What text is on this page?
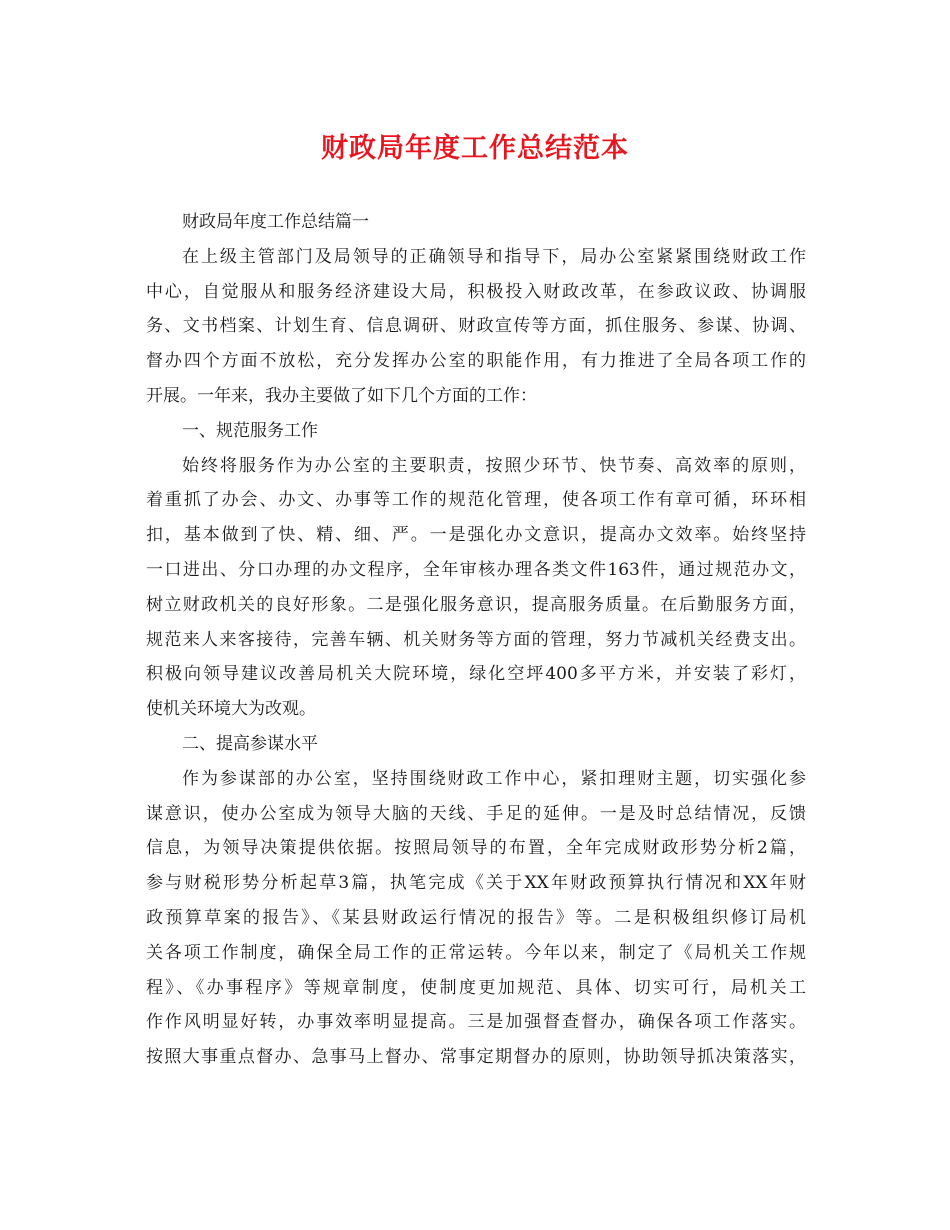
财政局年度工作总结范本
财政局年度工作总结篇一
在上级主管部门及局领导的正确领导和指导下，局办公室紧紧围绕财政工作
中心，自觉服从和服务经济建设大局，积极投入财政改革，在参政议政、协调服
务、文书档案、计划生育、信息调研、财政宣传等方面，抓住服务、参谋、协调、
督办四个方面不放松，充分发挥办公室的职能作用，有力推进了全局各项工作的
开展。一年来，我办主要做了如下几个方面的工作：
一、规范服务工作
始终将服务作为办公室的主要职责，按照少环节、快节奏、高效率的原则，
着重抓了办会、办文、办事等工作的规范化管理，使各项工作有章可循，环环相
扣，基本做到了快、精、细、严。一是强化办文意识，提高办文效率。始终坚持
一口进出、分口办理的办文程序，全年审核办理各类文件163件，通过规范办文，
树立财政机关的良好形象。二是强化服务意识，提高服务质量。在后勤服务方面，
规范来人来客接待，完善车辆、机关财务等方面的管理，努力节减机关经费支出。
积极向领导建议改善局机关大院环境，绿化空坪400多平方米，并安装了彩灯，
使机关环境大为改观。
二、提高参谋水平
作为参谋部的办公室，坚持围绕财政工作中心，紧扣理财主题，切实强化参
谋意识，使办公室成为领导大脑的天线、手足的延伸。一是及时总结情况，反馈
信息，为领导决策提供依据。按照局领导的布置，全年完成财政形势分析2篇，
参与财税形势分析起草3篇，执笔完成《关于XX年财政预算执行情况和XX年财
政预算草案的报告》、《某县财政运行情况的报告》等。二是积极组织修订局机
关各项工作制度，确保全局工作的正常运转。今年以来，制定了《局机关工作规
程》、《办事程序》等规章制度，使制度更加规范、具体、切实可行，局机关工
作作风明显好转，办事效率明显提高。三是加强督查督办，确保各项工作落实。
按照大事重点督办、急事马上督办、常事定期督办的原则，协助领导抓决策落实，
